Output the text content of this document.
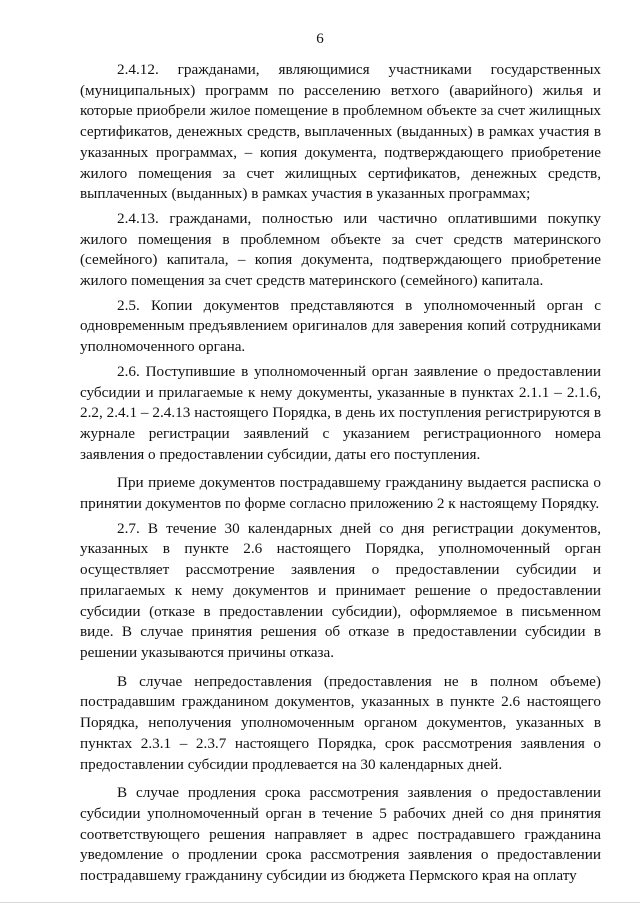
6

2.4.12. гражданами, являющимися участниками государственных (муниципальных) программ по расселению ветхого (аварийного) жилья и которые приобрели жилое помещение в проблемном объекте за счет жилищных сертификатов, денежных средств, выплаченных (выданных) в рамках участия в указанных программах, – копия документа, подтверждающего приобретение жилого помещения за счет жилищных сертификатов, денежных средств, выплаченных (выданных) в рамках участия в указанных программах;

2.4.13. гражданами, полностью или частично оплатившими покупку жилого помещения в проблемном объекте за счет средств материнского (семейного) капитала, – копия документа, подтверждающего приобретение жилого помещения за счет средств материнского (семейного) капитала.

2.5. Копии документов представляются в уполномоченный орган с одновременным предъявлением оригиналов для заверения копий сотрудниками уполномоченного органа.

2.6. Поступившие в уполномоченный орган заявление о предоставлении субсидии и прилагаемые к нему документы, указанные в пунктах 2.1.1 – 2.1.6, 2.2, 2.4.1 – 2.4.13 настоящего Порядка, в день их поступления регистрируются в журнале регистрации заявлений с указанием регистрационного номера заявления о предоставлении субсидии, даты его поступления.

При приеме документов пострадавшему гражданину выдается расписка о принятии документов по форме согласно приложению 2 к настоящему Порядку.

2.7. В течение 30 календарных дней со дня регистрации документов, указанных в пункте 2.6 настоящего Порядка, уполномоченный орган осуществляет рассмотрение заявления о предоставлении субсидии и прилагаемых к нему документов и принимает решение о предоставлении субсидии (отказе в предоставлении субсидии), оформляемое в письменном виде. В случае принятия решения об отказе в предоставлении субсидии в решении указываются причины отказа.

В случае непредоставления (предоставления не в полном объеме) пострадавшим гражданином документов, указанных в пункте 2.6 настоящего Порядка, неполучения уполномоченным органом документов, указанных в пунктах 2.3.1 – 2.3.7 настоящего Порядка, срок рассмотрения заявления о предоставлении субсидии продлевается на 30 календарных дней.

В случае продления срока рассмотрения заявления о предоставлении субсидии уполномоченный орган в течение 5 рабочих дней со дня принятия соответствующего решения направляет в адрес пострадавшего гражданина уведомление о продлении срока рассмотрения заявления о предоставлении пострадавшему гражданину субсидии из бюджета Пермского края на оплату
